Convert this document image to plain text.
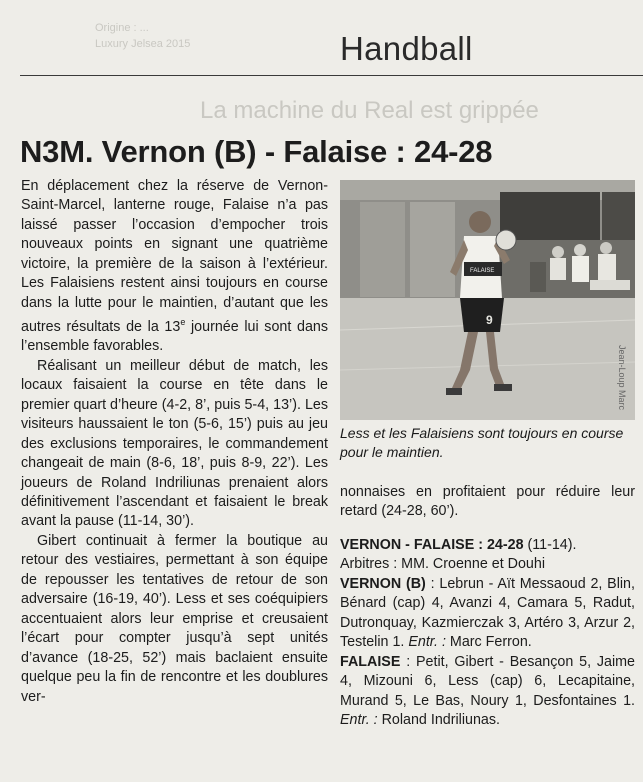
Origine : ...
Luxury Jelsea 2015
La machine du Real est grippée
Handball
N3M. Vernon (B) - Falaise : 24-28

En déplacement chez la réserve de Vernon-Saint-Marcel, lanterne rouge, Falaise n’a pas laissé passer l’occasion d’empocher trois nouveaux points en signant une quatrième victoire, la première de la saison à l’extérieur. Les Falaisiens restent ainsi toujours en course dans la lutte pour le maintien, d’autant que les autres résultats de la 13e journée lui sont dans l’ensemble favorables.

Réalisant un meilleur début de match, les locaux faisaient la course en tête dans le premier quart d’heure (4-2, 8’, puis 5-4, 13’). Les visiteurs haussaient le ton (5-6, 15’) puis au jeu des exclusions temporaires, le commandement changeait de main (8-6, 18’, puis 8-9, 22’). Les joueurs de Roland Indriliunas prenaient alors définitivement l’ascendant et faisaient le break avant la pause (11-14, 30’).

Gibert continuait à fermer la boutique au retour des vestiaires, permettant à son équipe de repousser les tentatives de retour de son adversaire (16-19, 40’). Less et ses coéquipiers accentuaient alors leur emprise et creusaient l’écart pour compter jusqu’à sept unités d’avance (18-25, 52’) mais baclaient ensuite quelque peu la fin de rencontre et les doublures ver-

9
FALAISE
Jean-Loup Marc
Less et les Falaisiens sont toujours en course pour le maintien.

nonnaises en profitaient pour réduire leur retard (24-28, 60’).

VERNON - FALAISE : 24-28 (11-14).

Arbitres : MM. Croenne et Douhi

VERNON (B) : Lebrun - Aït Messaoud 2, Blin, Bénard (cap) 4, Avanzi 4, Camara 5, Radut, Dutronquay, Kazmierczak 3, Artéro 3, Arzur 2, Testelin 1. Entr. : Marc Ferron.

FALAISE : Petit, Gibert - Besançon 5, Jaime 4, Mizouni 6, Less (cap) 6, Lecapitaine, Murand 5, Le Bas, Noury 1, Desfontaines 1. Entr. : Roland Indriliunas.
